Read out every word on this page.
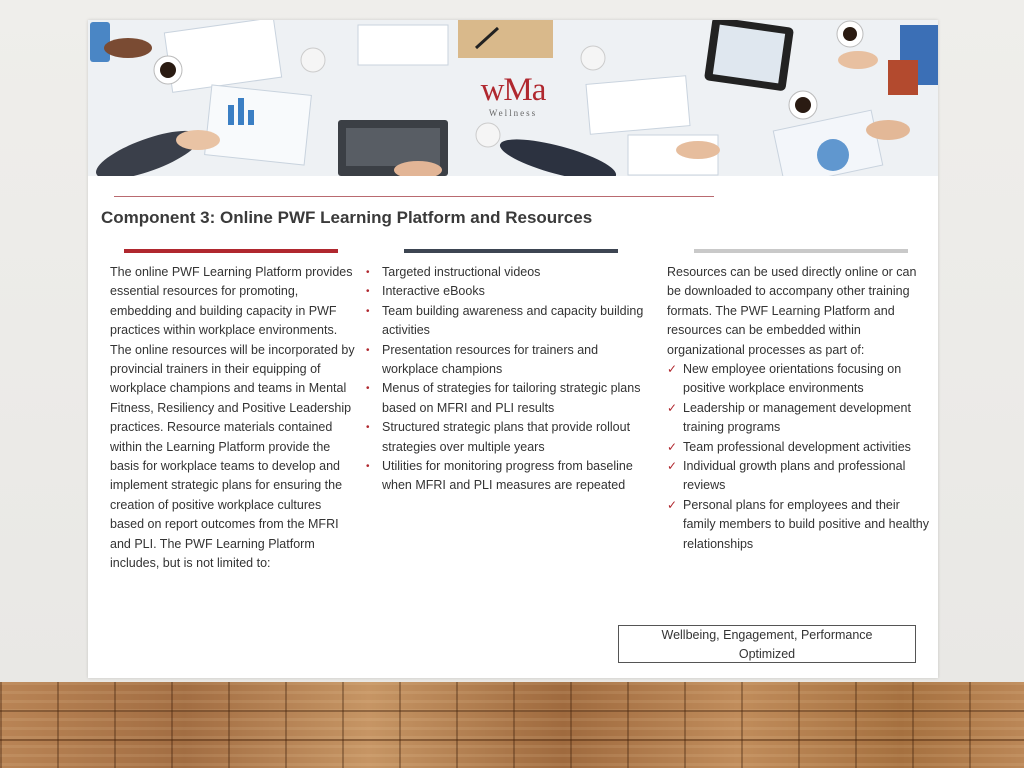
wMa
Wellness
Component 3: Online PWF Learning Platform and Resources

The online PWF Learning Platform provides essential resources for promoting, embedding and building capacity in PWF practices within workplace environments. The online resources will be incorporated by provincial trainers in their equipping of workplace champions and teams in Mental Fitness, Resiliency and Positive Leadership practices. Resource materials contained within the Learning Platform provide the basis for workplace teams to develop and implement strategic plans for ensuring the creation of positive workplace cultures based on report outcomes from the MFRI and PLI. The PWF Learning Platform includes, but is not limited to:

• Targeted instructional videos
• Interactive eBooks
• Team building awareness and capacity building activities
• Presentation resources for trainers and workplace champions
• Menus of strategies for tailoring strategic plans based on MFRI and PLI results
• Structured strategic plans that provide rollout strategies over multiple years
• Utilities for monitoring progress from baseline when MFRI and PLI measures are repeated

Resources can be used directly online or can be downloaded to accompany other training formats. The PWF Learning Platform and resources can be embedded within organizational processes as part of:

✓ New employee orientations focusing on positive workplace environments
✓ Leadership or management development training programs
✓ Team professional development activities
✓ Individual growth plans and professional reviews
✓ Personal plans for employees and their family members to build positive and healthy relationships
Wellbeing, Engagement, Performance
Optimized
